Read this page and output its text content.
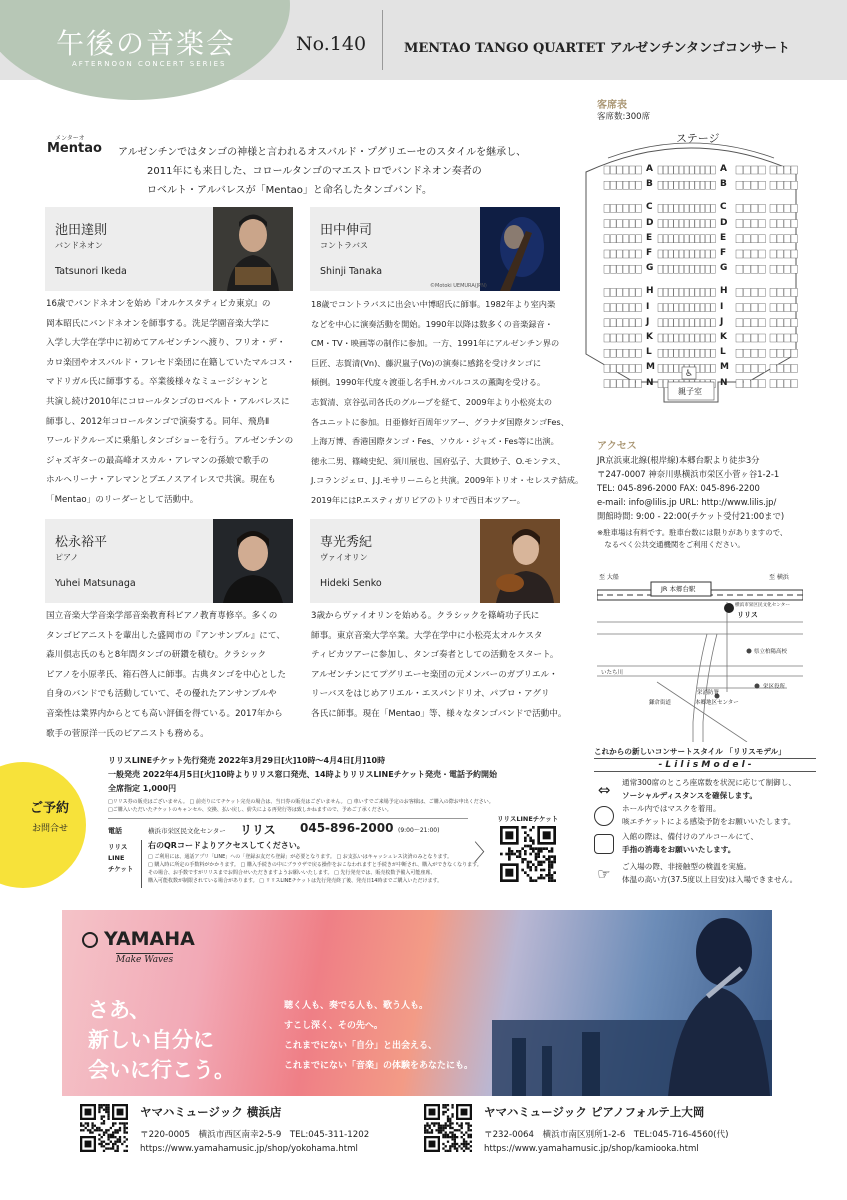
午後の音楽会
AFTERNOON CONCERT SERIES
No.140	MENTAO TANGO QUARTET アルゼンチンタンゴコンサート
メンターオ
Mentao アルゼンチンではタンゴの神様と言われるオスバルド・プグリエーセのスタイルを継承し、
2011年にも来日した、コロールタンゴのマエストロでバンドネオン奏者の
ロベルト・アルバレスが「Mentao」と命名したタンゴバンド。
池田達則
バンドネオン
Tatsunori Ikeda
16歳でバンドネオンを始め『オルケスタティピカ東京』の
岡本昭氏にバンドネオンを師事する。洗足学園音楽大学に
入学し大学在学中に初めてアルゼンチンへ渡り、フリオ・デ・
カロ楽団やオスバルド・フレセド楽団に在籍していたマルコス・
マドリガル氏に師事する。卒業後様々なミュージシャンと
共演し続け2010年にコロールタンゴのロベルト・アルバレスに
師事し、2012年コロールタンゴで演奏する。同年、飛鳥Ⅱ
ワールドクルーズに乗船しタンゴショーを行う。アルゼンチンの
ジャズギターの最高峰オスカル・アレマンの孫娘で歌手の
ホルヘリーナ・アレマンとブエノスアイレスで共演。現在も
「Mentao」のリーダーとして活動中。
田中伸司
コントラバス
Shinji Tanaka
©Motoki UEMURA(JPN)
18歳でコントラバスに出会い中博昭氏に師事。1982年より室内楽
などを中心に演奏活動を開始。1990年以降は数多くの音楽録音・
CM・TV・映画等の制作に参加。一方、1991年にアルゼンチン界の
巨匠、志賀清(Vn)、藤沢嵐子(Vo)の演奏に感銘を受けタンゴに
傾倒。1990年代度々渡亜し名手H.カバルコスの薫陶を受ける。
志賀清、京谷弘司各氏のグループを経て、2009年より小松亮太の
各ユニットに参加。日亜修好百周年ツアー、グラナダ国際タンゴFes、
上海万博、香港国際タンゴ・Fes、ソウル・ジャズ・Fes等に出演。
徳永二男、篠崎史紀、須川展也、国府弘子、大貫妙子、O.モンテス、
J.コランジェロ、J.J.モサリーニらと共演。2009年トリオ・セレステ結成。
2019年にはP.エスティガリビアのトリオで西日本ツアー。
松永裕平
ピアノ
Yuhei Matsunaga
国立音楽大学音楽学部音楽教育科ピアノ教育専修卒。多くの
タンゴピアニストを輩出した盛岡市の『アンサンブル』にて、
森川倶志氏のもと8年間タンゴの研鑽を積む。クラシック
ピアノを小原孝氏、箱石啓人に師事。古典タンゴを中心とした
自身のバンドでも活動していて、その優れたアンサンブルや
音楽性は業界内からとても高い評価を得ている。2017年から
歌手の菅原洋一氏のピアニストも務める。
専光秀紀
ヴァイオリン
Hideki Senko
3歳からヴァイオリンを始める。クラシックを篠崎功子氏に
師事。東京音楽大学卒業。大学在学中に小松亮太オルケスタ
ティピカツアーに参加し、タンゴ奏者としての活動をスタート。
アルゼンチンにてプグリエーセ楽団の元メンバーのガブリエル・
リーバスをはじめアリエル・エスパンドリオ、パブロ・アグリ
各氏に師事。現在「Mentao」等、様々なタンゴバンドで活動中。
客席表
客席数:300席
♿
ステージ
親子室
A
B
C
D
E
F
G
H
I
J
K
L
M
N
A
B
C
D
E
F
G
H
I
J
K
L
M
N
アクセス
JR京浜東北線(根岸線)本郷台駅より徒歩3分
〒247-0007 神奈川県横浜市栄区小菅ヶ谷1-2-1
TEL: 045-896-2000 FAX: 045-896-2200
e-mail: info@lilis.jp URL: http://www.lilis.jp/
開館時間: 9:00 - 22:00(チケット受付21:00まで)
※駐車場は有料です。駐車台数には限りがありますので、
　なるべく公共交通機関をご利用ください。
至 大船	至 横浜
JR 本郷台駅
横浜市栄区民文化センター
リリス
県立柏陽高校
いたち川
栄区役所
栄消防署
鎌倉街道	本郷地区センター
ご予約
お問合せ
リリスLINEチケット先行発売 2022年3月29日[火]10時〜4月4日[月]10時
一般発売 2022年4月5日[火]10時よりリリス窓口発売、14時よりリリスLINEチケット発売・電話予約開始
全席指定 1,000円
□リリス券の販売はございません。 □ 前売りにてチケット完売の場合は、当日券の販売はございません。 □ 車いすでご来場予定のお客様は、ご購入の際お申出ください。
□ご購入いただいたチケットのキャンセル、交換、払い戻し、紛失による再発行等は致しかねますので、予めご了承ください。
電話	横浜市栄区民文化センター リリス 045-896-2000 (9:00〜21:00)
リリス
LINE
チケット
右のQRコードよりアクセスしてください。
□ ご利用には、通話アプリ「LINE」への「登録お友だち登録」が必要となります。 □ お支払いはキャッシュレス決済のみとなります。
□ 購入時に所定の手数料がかかります。 □ 購入手続きの中にブラウザで戻る操作をおこなわれますと手続きが中断され、購入ができなくなります。
その場合、お手数ですがリリスまでお問合せいただきますようお願いいたします。 □ 先行発売では、販売枚数予備入可能座席、
購入可能枚数が制限されている場合があります。 □ リリスLINEチケットは先行発売終了後、発売日14時までご購入いただけます。
〉
リリスLINEチケット
これからの新しいコンサートスタイル 「リリスモデル」
- L i l i s M o d e l -
⇔	通常300席のところ座席数を状況に応じて制御し、
ソーシャルディスタンスを確保します。
ホール内ではマスクを着用。
咳エチケットによる感染予防をお願いいたします。
入館の際は、備付けのアルコールにて、
手指の消毒をお願いいたします。
☞	ご入場の際、非接触型の検温を実施。
体温の高い方(37.5度以上目安)は入場できません。
YAMAHA
Make Waves
さあ、
新しい自分に
会いに行こう。
聴く人も、奏でる人も、歌う人も。
すこし深く、その先へ。
これまでにない「自分」と出会える、
これまでにない「音楽」の体験をあなたにも。
ヤマハミュージック 横浜店
〒220-0005　横浜市西区南幸2-5-9　TEL:045-311-1202
https://www.yamahamusic.jp/shop/yokohama.html
ヤマハミュージック ピアノフォルテ上大岡
〒232-0064　横浜市南区別所1-2-6　TEL:045-716-4560(代)
https://www.yamahamusic.jp/shop/kamiooka.html
